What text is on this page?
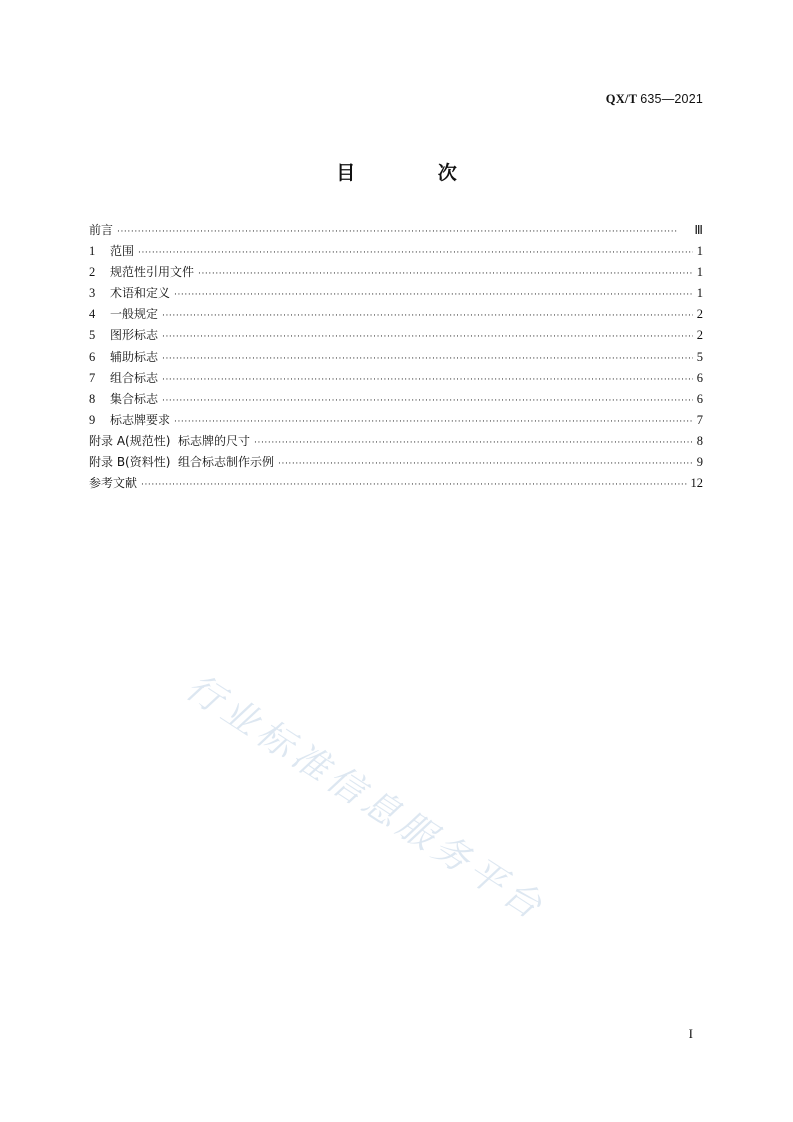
QX/T 635—2021
目 次
前言 ·····	Ⅲ
1	范围 ·····	1
2	规范性引用文件 ·····	1
3	术语和定义 ·····	1
4	一般规定 ·····	2
5	图形标志 ·····	2
6	辅助标志 ·····	5
7	组合标志 ·····	6
8	集合标志 ·····	6
9	标志牌要求 ·····	7
附录 A(规范性)  标志牌的尺寸 ·····	8
附录 B(资料性)  组合标志制作示例 ·····	9
参考文献 ·····	12
行业标准信息服务平台
I
